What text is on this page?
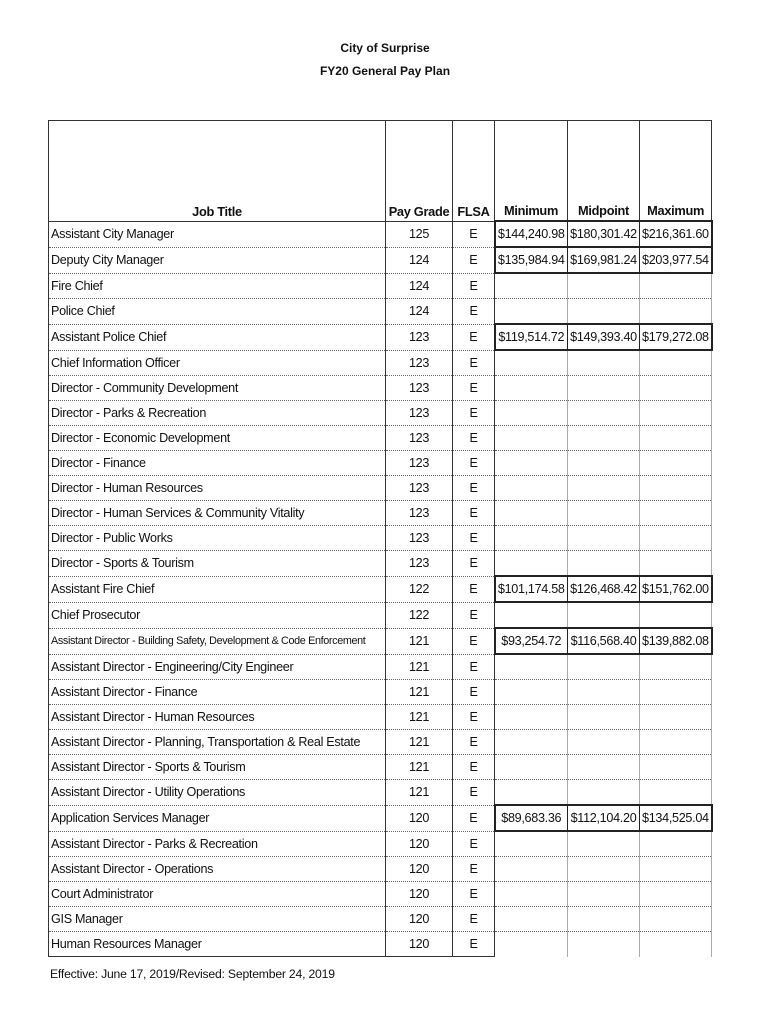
City of Surprise
FY20 General Pay Plan
Job Title	Pay Grade	FLSA	Minimum	Midpoint	Maximum
Assistant City Manager	125	E	$144,240.98	$180,301.42	$216,361.60
Deputy City Manager	124	E	$135,984.94	$169,981.24	$203,977.54
Fire Chief	124	E			
Police Chief	124	E			
Assistant Police Chief	123	E	$119,514.72	$149,393.40	$179,272.08
Chief Information Officer	123	E			
Director - Community Development	123	E			
Director - Parks & Recreation	123	E			
Director - Economic Development	123	E			
Director - Finance	123	E			
Director - Human Resources	123	E			
Director - Human Services & Community Vitality	123	E			
Director - Public Works	123	E			
Director - Sports & Tourism	123	E			
Assistant Fire Chief	122	E	$101,174.58	$126,468.42	$151,762.00
Chief Prosecutor	122	E			
Assistant Director - Building Safety, Development & Code Enforcement	121	E	$93,254.72	$116,568.40	$139,882.08
Assistant Director - Engineering/City Engineer	121	E			
Assistant Director - Finance	121	E			
Assistant Director - Human Resources	121	E			
Assistant Director - Planning, Transportation & Real Estate	121	E			
Assistant Director - Sports & Tourism	121	E			
Assistant Director - Utility Operations	121	E			
Application Services Manager	120	E	$89,683.36	$112,104.20	$134,525.04
Assistant Director - Parks & Recreation	120	E			
Assistant Director - Operations	120	E			
Court Administrator	120	E			
GIS Manager	120	E			
Human Resources Manager	120	E			
Effective: June 17, 2019/Revised: September 24, 2019
